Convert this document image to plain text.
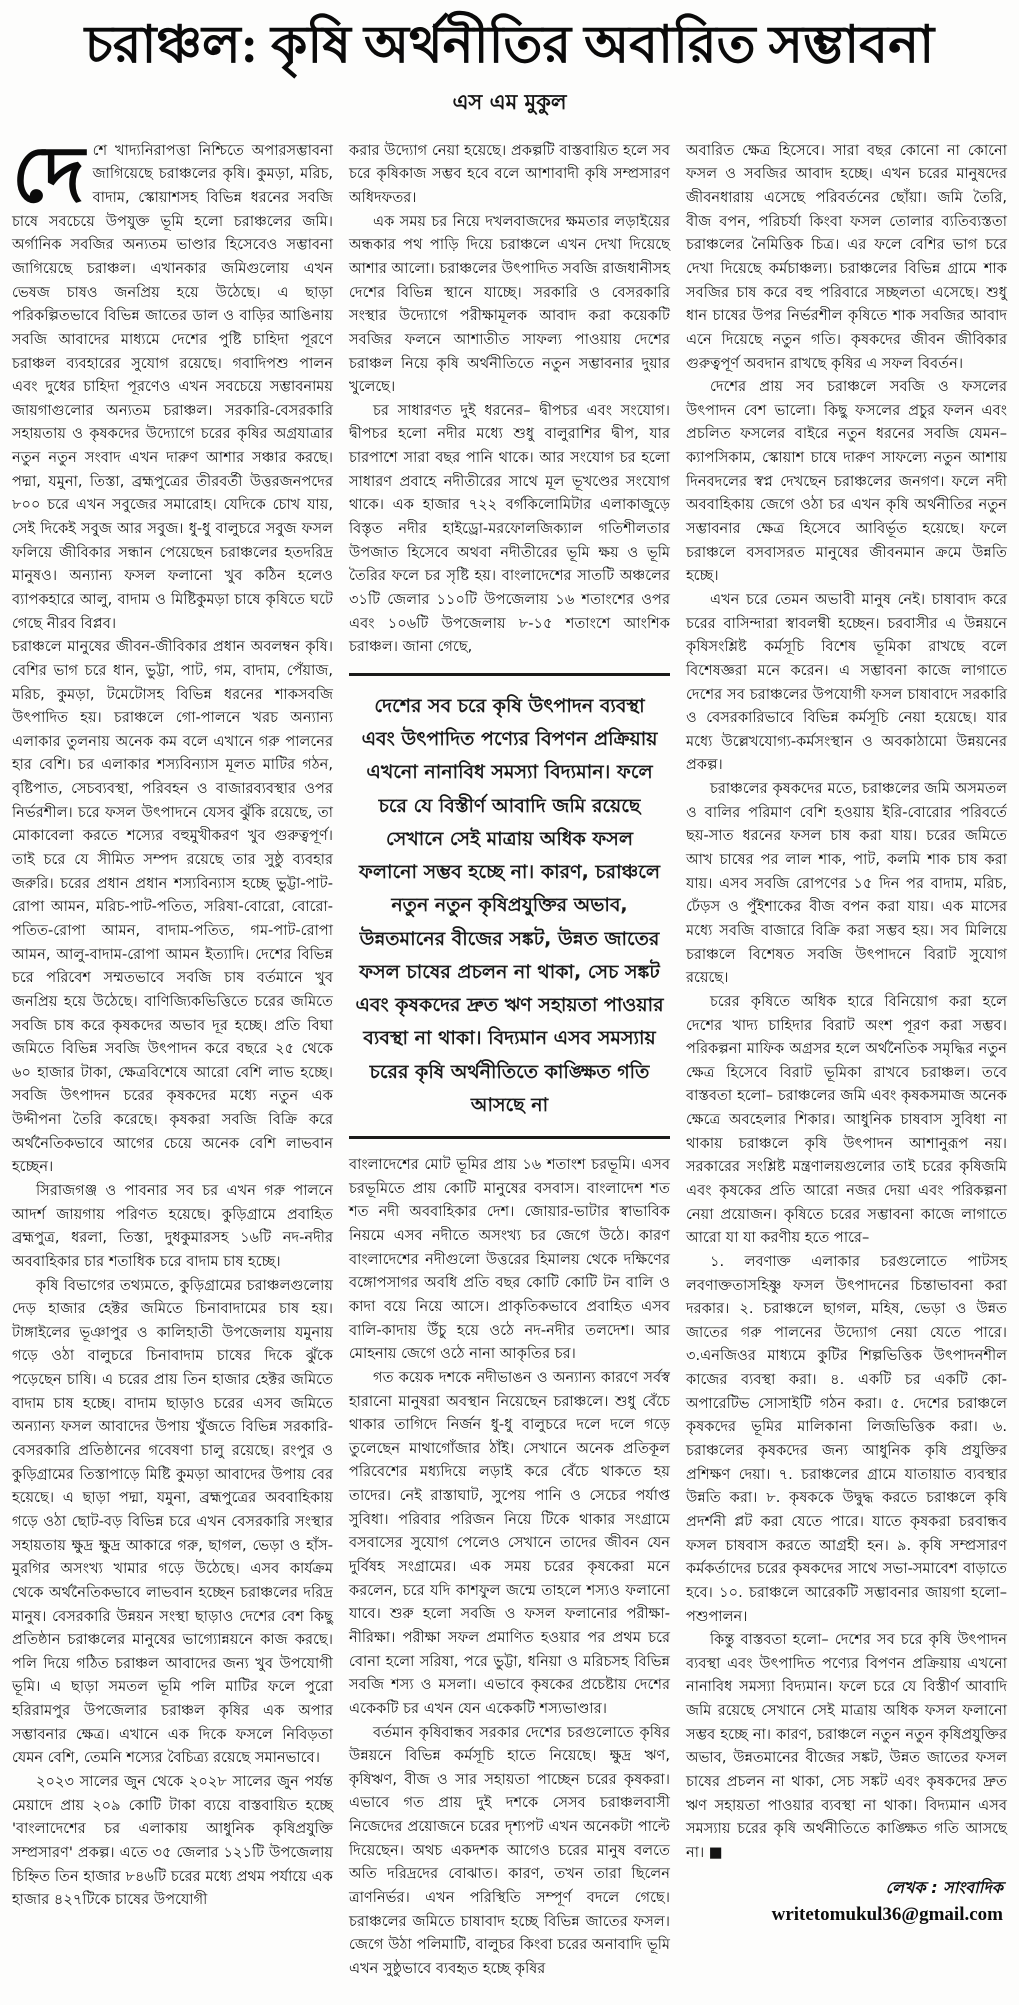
চরাঞ্চল: কৃষি অর্থনীতির অবারিত সম্ভাবনা
এস এম মুকুল

দেশে খাদ্যনিরাপত্তা নিশ্চিতে অপারসম্ভাবনা জাগিয়েছে চরাঞ্চলের কৃষি। কুমড়া, মরিচ, বাদাম, স্কোয়াশসহ বিভিন্ন ধরনের সবজি চাষে সবচেয়ে উপযুক্ত ভূমি হলো চরাঞ্চলের জমি। অর্গানিক সবজির অন্যতম ভাণ্ডার হিসেবেও সম্ভাবনা জাগিয়েছে চরাঞ্চল। এখানকার জমিগুলোয় এখন ভেষজ চাষও জনপ্রিয় হয়ে উঠেছে। এ ছাড়া পরিকল্পিতভাবে বিভিন্ন জাতের ডাল ও বাড়ির আঙিনায় সবজি আবাদের মাধ্যমে দেশের পুষ্টি চাহিদা পূরণে চরাঞ্চল ব্যবহারের সুযোগ রয়েছে। গবাদিপশু পালন এবং দুধের চাহিদা পূরণেও এখন সবচেয়ে সম্ভাবনাময় জায়গাগুলোর অন্যতম চরাঞ্চল। সরকারি-বেসরকারি সহায়তায় ও কৃষকদের উদ্যোগে চরের কৃষির অগ্রযাত্রার নতুন নতুন সংবাদ এখন দারুণ আশার সঞ্চার করছে। পদ্মা, যমুনা, তিস্তা, ব্রহ্মপুত্রের তীরবর্তী উত্তরজনপদের ৮০০ চরে এখন সবুজের সমারোহ। যেদিকে চোখ যায়, সেই দিকেই সবুজ আর সবুজ। ধু-ধু বালুচরে সবুজ ফসল ফলিয়ে জীবিকার সন্ধান পেয়েছেন চরাঞ্চলের হতদরিদ্র মানুষও। অন্যান্য ফসল ফলানো খুব কঠিন হলেও ব্যাপকহারে আলু, বাদাম ও মিষ্টিকুমড়া চাষে কৃষিতে ঘটে গেছে নীরব বিপ্লব।

চরাঞ্চলে মানুষের জীবন-জীবিকার প্রধান অবলম্বন কৃষি। বেশির ভাগ চরে ধান, ভুট্টা, পাট, গম, বাদাম, পেঁয়াজ, মরিচ, কুমড়া, টমেটোসহ বিভিন্ন ধরনের শাকসবজি উৎপাদিত হয়। চরাঞ্চলে গো-পালনে খরচ অন্যান্য এলাকার তুলনায় অনেক কম বলে এখানে গরু পালনের হার বেশি। চর এলাকার শস্যবিন্যাস মূলত মাটির গঠন, বৃষ্টিপাত, সেচব্যবস্থা, পরিবহন ও বাজারব্যবস্থার ওপর নির্ভরশীল। চরে ফসল উৎপাদনে যেসব ঝুঁকি রয়েছে, তা মোকাবেলা করতে শস্যের বহুমুখীকরণ খুব গুরুত্বপূর্ণ। তাই চরে যে সীমিত সম্পদ রয়েছে তার সুষ্ঠু ব্যবহার জরুরি। চরের প্রধান প্রধান শস্যবিন্যাস হচ্ছে ভুট্টা-পাট-রোপা আমন, মরিচ-পাট-পতিত, সরিষা-বোরো, বোরো-পতিত-রোপা আমন, বাদাম-পতিত, গম-পাট-রোপা আমন, আলু-বাদাম-রোপা আমন ইত্যাদি। দেশের বিভিন্ন চরে পরিবেশ সম্মতভাবে সবজি চাষ বর্তমানে খুব জনপ্রিয় হয়ে উঠেছে। বাণিজ্যিকভিত্তিতে চরের জমিতে সবজি চাষ করে কৃষকদের অভাব দূর হচ্ছে। প্রতি বিঘা জমিতে বিভিন্ন সবজি উৎপাদন করে বছরে ২৫ থেকে ৬০ হাজার টাকা, ক্ষেত্রবিশেষে আরো বেশি লাভ হচ্ছে। সবজি উৎপাদন চরের কৃষকদের মধ্যে নতুন এক উদ্দীপনা তৈরি করেছে। কৃষকরা সবজি বিক্রি করে অর্থনৈতিকভাবে আগের চেয়ে অনেক বেশি লাভবান হচ্ছেন।

সিরাজগঞ্জ ও পাবনার সব চর এখন গরু পালনে আদর্শ জায়গায় পরিণত হয়েছে। কুড়িগ্রামে প্রবাহিত ব্রহ্মপুত্র, ধরলা, তিস্তা, দুধকুমারসহ ১৬টি নদ-নদীর অববাহিকার চার শতাধিক চরে বাদাম চাষ হচ্ছে।

কৃষি বিভাগের তথ্যমতে, কুড়িগ্রামের চরাঞ্চলগুলোয় দেড় হাজার হেক্টর জমিতে চিনাবাদামের চাষ হয়। টাঙ্গাইলের ভূঞাপুর ও কালিহাতী উপজেলায় যমুনায় গড়ে ওঠা বালুচরে চিনাবাদাম চাষের দিকে ঝুঁকে পড়েছেন চাষি। এ চরের প্রায় তিন হাজার হেক্টর জমিতে বাদাম চাষ হচ্ছে। বাদাম ছাড়াও চরের এসব জমিতে অন্যান্য ফসল আবাদের উপায় খুঁজতে বিভিন্ন সরকারি-বেসরকারি প্রতিষ্ঠানের গবেষণা চালু রয়েছে। রংপুর ও কুড়িগ্রামের তিস্তাপাড়ে মিষ্টি কুমড়া আবাদের উপায় বের হয়েছে। এ ছাড়া পদ্মা, যমুনা, ব্রহ্মপুত্রের অববাহিকায় গড়ে ওঠা ছোট-বড় বিভিন্ন চরে এখন বেসরকারি সংস্থার সহায়তায় ক্ষুদ্র ক্ষুদ্র আকারে গরু, ছাগল, ভেড়া ও হাঁস-মুরগির অসংখ্য খামার গড়ে উঠেছে। এসব কার্যক্রম থেকে অর্থনৈতিকভাবে লাভবান হচ্ছেন চরাঞ্চলের দরিদ্র মানুষ। বেসরকারি উন্নয়ন সংস্থা ছাড়াও দেশের বেশ কিছু প্রতিষ্ঠান চরাঞ্চলের মানুষের ভাগ্যোন্নয়নে কাজ করছে। পলি দিয়ে গঠিত চরাঞ্চল আবাদের জন্য খুব উপযোগী ভূমি। এ ছাড়া সমতল ভূমি পলি মাটির ফলে পুরো হরিরামপুর উপজেলার চরাঞ্চল কৃষির এক অপার সম্ভাবনার ক্ষেত্র। এখানে এক দিকে ফসলে নিবিড়তা যেমন বেশি, তেমনি শস্যের বৈচিত্র্য রয়েছে সমানভাবে।

২০২৩ সালের জুন থেকে ২০২৮ সালের জুন পর্যন্ত মেয়াদে প্রায় ২০৯ কোটি টাকা ব্যয়ে বাস্তবায়িত হচ্ছে 'বাংলাদেশের চর এলাকায় আধুনিক কৃষিপ্রযুক্তি সম্প্রসারণ' প্রকল্প। এতে ৩৫ জেলার ১২১টি উপজেলায় চিহ্নিত তিন হাজার ৮৪৬টি চরের মধ্যে প্রথম পর্যায়ে এক হাজার ৪২৭টিকে চাষের উপযোগী

করার উদ্যোগ নেয়া হয়েছে। প্রকল্পটি বাস্তবায়িত হলে সব চরে কৃষিকাজ সম্ভব হবে বলে আশাবাদী কৃষি সম্প্রসারণ অধিদফতর।

এক সময় চর নিয়ে দখলবাজদের ক্ষমতার লড়াইয়ের অন্ধকার পথ পাড়ি দিয়ে চরাঞ্চলে এখন দেখা দিয়েছে আশার আলো। চরাঞ্চলের উৎপাদিত সবজি রাজধানীসহ দেশের বিভিন্ন স্থানে যাচ্ছে। সরকারি ও বেসরকারি সংস্থার উদ্যোগে পরীক্ষামূলক আবাদ করা কয়েকটি সবজির ফলনে আশাতীত সাফল্য পাওয়ায় দেশের চরাঞ্চল নিয়ে কৃষি অর্থনীতিতে নতুন সম্ভাবনার দুয়ার খুলেছে।

চর সাধারণত দুই ধরনের– দ্বীপচর এবং সংযোগ। দ্বীপচর হলো নদীর মধ্যে শুধু বালুরাশির দ্বীপ, যার চারপাশে সারা বছর পানি থাকে। আর সংযোগ চর হলো সাধারণ প্রবাহে নদীতীরের সাথে মূল ভূখণ্ডের সংযোগ থাকে। এক হাজার ৭২২ বর্গকিলোমিটার এলাকাজুড়ে বিস্তৃত নদীর হাইড্রো-মরফোলজিক্যাল গতিশীলতার উপজাত হিসেবে অথবা নদীতীরের ভূমি ক্ষয় ও ভূমি তৈরির ফলে চর সৃষ্টি হয়। বাংলাদেশের সাতটি অঞ্চলের ৩১টি জেলার ১১০টি উপজেলায় ১৬ শতাংশের ওপর এবং ১০৬টি উপজেলায় ৮-১৫ শতাংশে আংশিক চরাঞ্চল। জানা গেছে,

দেশের সব চরে কৃষি উৎপাদন ব্যবস্থা এবং উৎপাদিত পণ্যের বিপণন প্রক্রিয়ায় এখনো নানাবিধ সমস্যা বিদ্যমান। ফলে চরে যে বিস্তীর্ণ আবাদি জমি রয়েছে সেখানে সেই মাত্রায় অধিক ফসল ফলানো সম্ভব হচ্ছে না। কারণ, চরাঞ্চলে নতুন নতুন কৃষিপ্রযুক্তির অভাব, উন্নতমানের বীজের সঙ্কট, উন্নত জাতের ফসল চাষের প্রচলন না থাকা, সেচ সঙ্কট এবং কৃষকদের দ্রুত ঋণ সহায়তা পাওয়ার ব্যবস্থা না থাকা। বিদ্যমান এসব সমস্যায় চরের কৃষি অর্থনীতিতে কাঙ্ক্ষিত গতি আসছে না

বাংলাদেশের মোট ভূমির প্রায় ১৬ শতাংশ চরভূমি। এসব চরভূমিতে প্রায় কোটি মানুষের বসবাস। বাংলাদেশ শত শত নদী অববাহিকার দেশ। জোয়ার-ভাটার স্বাভাবিক নিয়মে এসব নদীতে অসংখ্য চর জেগে উঠে। কারণ বাংলাদেশের নদীগুলো উত্তরের হিমালয় থেকে দক্ষিণের বঙ্গোপসাগর অবধি প্রতি বছর কোটি কোটি টন বালি ও কাদা বয়ে নিয়ে আসে। প্রাকৃতিকভাবে প্রবাহিত এসব বালি-কাদায় উঁচু হয়ে ওঠে নদ-নদীর তলদেশ। আর মোহনায় জেগে ওঠে নানা আকৃতির চর।

গত কয়েক দশকে নদীভাঙন ও অন্যান্য কারণে সর্বস্ব হারানো মানুষরা অবস্থান নিয়েছেন চরাঞ্চলে। শুধু বেঁচে থাকার তাগিদে নির্জন ধু-ধু বালুচরে দলে দলে গড়ে তুলেছেন মাথাগোঁজার ঠাঁই। সেখানে অনেক প্রতিকূল পরিবেশের মধ্যদিয়ে লড়াই করে বেঁচে থাকতে হয় তাদের। নেই রাস্তাঘাট, সুপেয় পানি ও সেচের পর্যাপ্ত সুবিধা। পরিবার পরিজন নিয়ে টিকে থাকার সংগ্রামে বসবাসের সুযোগ পেলেও সেখানে তাদের জীবন যেন দুর্বিষহ সংগ্রামের। এক সময় চরের কৃষকেরা মনে করলেন, চরে যদি কাশফুল জন্মে তাহলে শস্যও ফলানো যাবে। শুরু হলো সবজি ও ফসল ফলানোর পরীক্ষা-নীরিক্ষা। পরীক্ষা সফল প্রমাণিত হওয়ার পর প্রথম চরে বোনা হলো সরিষা, পরে ভুট্টা, ধনিয়া ও মরিচসহ বিভিন্ন সবজি শস্য ও মসলা। এভাবে কৃষকের প্রচেষ্টায় দেশের একেকটি চর এখন যেন একেকটি শস্যভাণ্ডার।

বর্তমান কৃষিবান্ধব সরকার দেশের চরগুলোতে কৃষির উন্নয়নে বিভিন্ন কর্মসূচি হাতে নিয়েছে। ক্ষুদ্র ঋণ, কৃষিঋণ, বীজ ও সার সহায়তা পাচ্ছেন চরের কৃষকরা। এভাবে গত প্রায় দুই দশকে সেসব চরাঞ্চলবাসী নিজেদের প্রয়োজনে চরের দৃশ্যপট এখন অনেকটা পাল্টে দিয়েছেন। অথচ একদশক আগেও চরের মানুষ বলতে অতি দরিদ্রদের বোঝাত। কারণ, তখন তারা ছিলেন ত্রাণনির্ভর। এখন পরিস্থিতি সম্পূর্ণ বদলে গেছে। চরাঞ্চলের জমিতে চাষাবাদ হচ্ছে বিভিন্ন জাতের ফসল। জেগে উঠা পলিমাটি, বালুচর কিংবা চরের অনাবাদি ভূমি এখন সুষ্ঠুভাবে ব্যবহৃত হচ্ছে কৃষির

অবারিত ক্ষেত্র হিসেবে। সারা বছর কোনো না কোনো ফসল ও সবজির আবাদ হচ্ছে। এখন চরের মানুষদের জীবনধারায় এসেছে পরিবর্তনের ছোঁয়া। জমি তৈরি, বীজ বপন, পরিচর্যা কিংবা ফসল তোলার ব্যতিব্যস্ততা চরাঞ্চলের নৈমিত্তিক চিত্র। এর ফলে বেশির ভাগ চরে দেখা দিয়েছে কর্মচাঞ্চল্য। চরাঞ্চলের বিভিন্ন গ্রামে শাক সবজির চাষ করে বহু পরিবারে সচ্ছলতা এসেছে। শুধু ধান চাষের উপর নির্ভরশীল কৃষিতে শাক সবজির আবাদ এনে দিয়েছে নতুন গতি। কৃষকদের জীবন জীবিকার গুরুত্বপূর্ণ অবদান রাখছে কৃষির এ সফল বিবর্তন।

দেশের প্রায় সব চরাঞ্চলে সবজি ও ফসলের উৎপাদন বেশ ভালো। কিছু ফসলের প্রচুর ফলন এবং প্রচলিত ফসলের বাইরে নতুন ধরনের সবজি যেমন– ক্যাপসিকাম, স্কোয়াশ চাষে দারুণ সাফল্যে নতুন আশায় দিনবদলের স্বপ্ন দেখছেন চরাঞ্চলের জনগণ। ফলে নদী অববাহিকায় জেগে ওঠা চর এখন কৃষি অর্থনীতির নতুন সম্ভাবনার ক্ষেত্র হিসেবে আবির্ভূত হয়েছে। ফলে চরাঞ্চলে বসবাসরত মানুষের জীবনমান ক্রমে উন্নতি হচ্ছে।

এখন চরে তেমন অভাবী মানুষ নেই। চাষাবাদ করে চরের বাসিন্দারা স্বাবলম্বী হচ্ছেন। চরবাসীর এ উন্নয়নে কৃষিসংশ্লিষ্ট কর্মসূচি বিশেষ ভূমিকা রাখছে বলে বিশেষজ্ঞরা মনে করেন। এ সম্ভাবনা কাজে লাগাতে দেশের সব চরাঞ্চলের উপযোগী ফসল চাষাবাদে সরকারি ও বেসরকারিভাবে বিভিন্ন কর্মসূচি নেয়া হয়েছে। যার মধ্যে উল্লেখযোগ্য-কর্মসংস্থান ও অবকাঠামো উন্নয়নের প্রকল্প।

চরাঞ্চলের কৃষকদের মতে, চরাঞ্চলের জমি অসমতল ও বালির পরিমাণ বেশি হওয়ায় ইরি-বোরোর পরিবর্তে ছয়-সাত ধরনের ফসল চাষ করা যায়। চরের জমিতে আখ চাষের পর লাল শাক, পাট, কলমি শাক চাষ করা যায়। এসব সবজি রোপণের ১৫ দিন পর বাদাম, মরিচ, ঢেঁড়স ও পুঁইশাকের বীজ বপন করা যায়। এক মাসের মধ্যে সবজি বাজারে বিক্রি করা সম্ভব হয়। সব মিলিয়ে চরাঞ্চলে বিশেষত সবজি উৎপাদনে বিরাট সুযোগ রয়েছে।

চরের কৃষিতে অধিক হারে বিনিয়োগ করা হলে দেশের খাদ্য চাহিদার বিরাট অংশ পূরণ করা সম্ভব। পরিকল্পনা মাফিক অগ্রসর হলে অর্থনৈতিক সমৃদ্ধির নতুন ক্ষেত্র হিসেবে বিরাট ভূমিকা রাখবে চরাঞ্চল। তবে বাস্তবতা হলো– চরাঞ্চলের জমি এবং কৃষকসমাজ অনেক ক্ষেত্রে অবহেলার শিকার। আধুনিক চাষবাস সুবিধা না থাকায় চরাঞ্চলে কৃষি উৎপাদন আশানুরূপ নয়। সরকারের সংশ্লিষ্ট মন্ত্রণালয়গুলোর তাই চরের কৃষিজমি এবং কৃষকের প্রতি আরো নজর দেয়া এবং পরিকল্পনা নেয়া প্রয়োজন। কৃষিতে চরের সম্ভাবনা কাজে লাগাতে আরো যা যা করণীয় হতে পারে–

১. লবণাক্ত এলাকার চরগুলোতে পাটসহ লবণাক্ততাসহিষ্ণু ফসল উৎপাদনের চিন্তাভাবনা করা দরকার। ২. চরাঞ্চলে ছাগল, মহিষ, ভেড়া ও উন্নত জাতের গরু পালনের উদ্যোগ নেয়া যেতে পারে। ৩.এনজিওর মাধ্যমে কুটির শিল্পভিত্তিক উৎপাদনশীল কাজের ব্যবস্থা করা। ৪. একটি চর একটি কো-অপারেটিভ সোসাইটি গঠন করা। ৫. দেশের চরাঞ্চলে কৃষকদের ভূমির মালিকানা লিজভিত্তিক করা। ৬. চরাঞ্চলের কৃষকদের জন্য আধুনিক কৃষি প্রযুক্তির প্রশিক্ষণ দেয়া। ৭. চরাঞ্চলের গ্রামে যাতায়াত ব্যবস্থার উন্নতি করা। ৮. কৃষককে উদ্বুদ্ধ করতে চরাঞ্চলে কৃষি প্রদর্শনী প্লট করা যেতে পারে। যাতে কৃষকরা চরবান্ধব ফসল চাষবাস করতে আগ্রহী হন। ৯. কৃষি সম্প্রসারণ কর্মকর্তাদের চরের কৃষকদের সাথে সভা-সমাবেশ বাড়াতে হবে। ১০. চরাঞ্চলে আরেকটি সম্ভাবনার জায়গা হলো– পশুপালন।

কিন্তু বাস্তবতা হলো– দেশের সব চরে কৃষি উৎপাদন ব্যবস্থা এবং উৎপাদিত পণ্যের বিপণন প্রক্রিয়ায় এখনো নানাবিধ সমস্যা বিদ্যমান। ফলে চরে যে বিস্তীর্ণ আবাদি জমি রয়েছে সেখানে সেই মাত্রায় অধিক ফসল ফলানো সম্ভব হচ্ছে না। কারণ, চরাঞ্চলে নতুন নতুন কৃষিপ্রযুক্তির অভাব, উন্নতমানের বীজের সঙ্কট, উন্নত জাতের ফসল চাষের প্রচলন না থাকা, সেচ সঙ্কট এবং কৃষকদের দ্রুত ঋণ সহায়তা পাওয়ার ব্যবস্থা না থাকা। বিদ্যমান এসব সমস্যায় চরের কৃষি অর্থনীতিতে কাঙ্ক্ষিত গতি আসছে না। ■

লেখক : সাংবাদিক
writetomukul36@gmail.com
